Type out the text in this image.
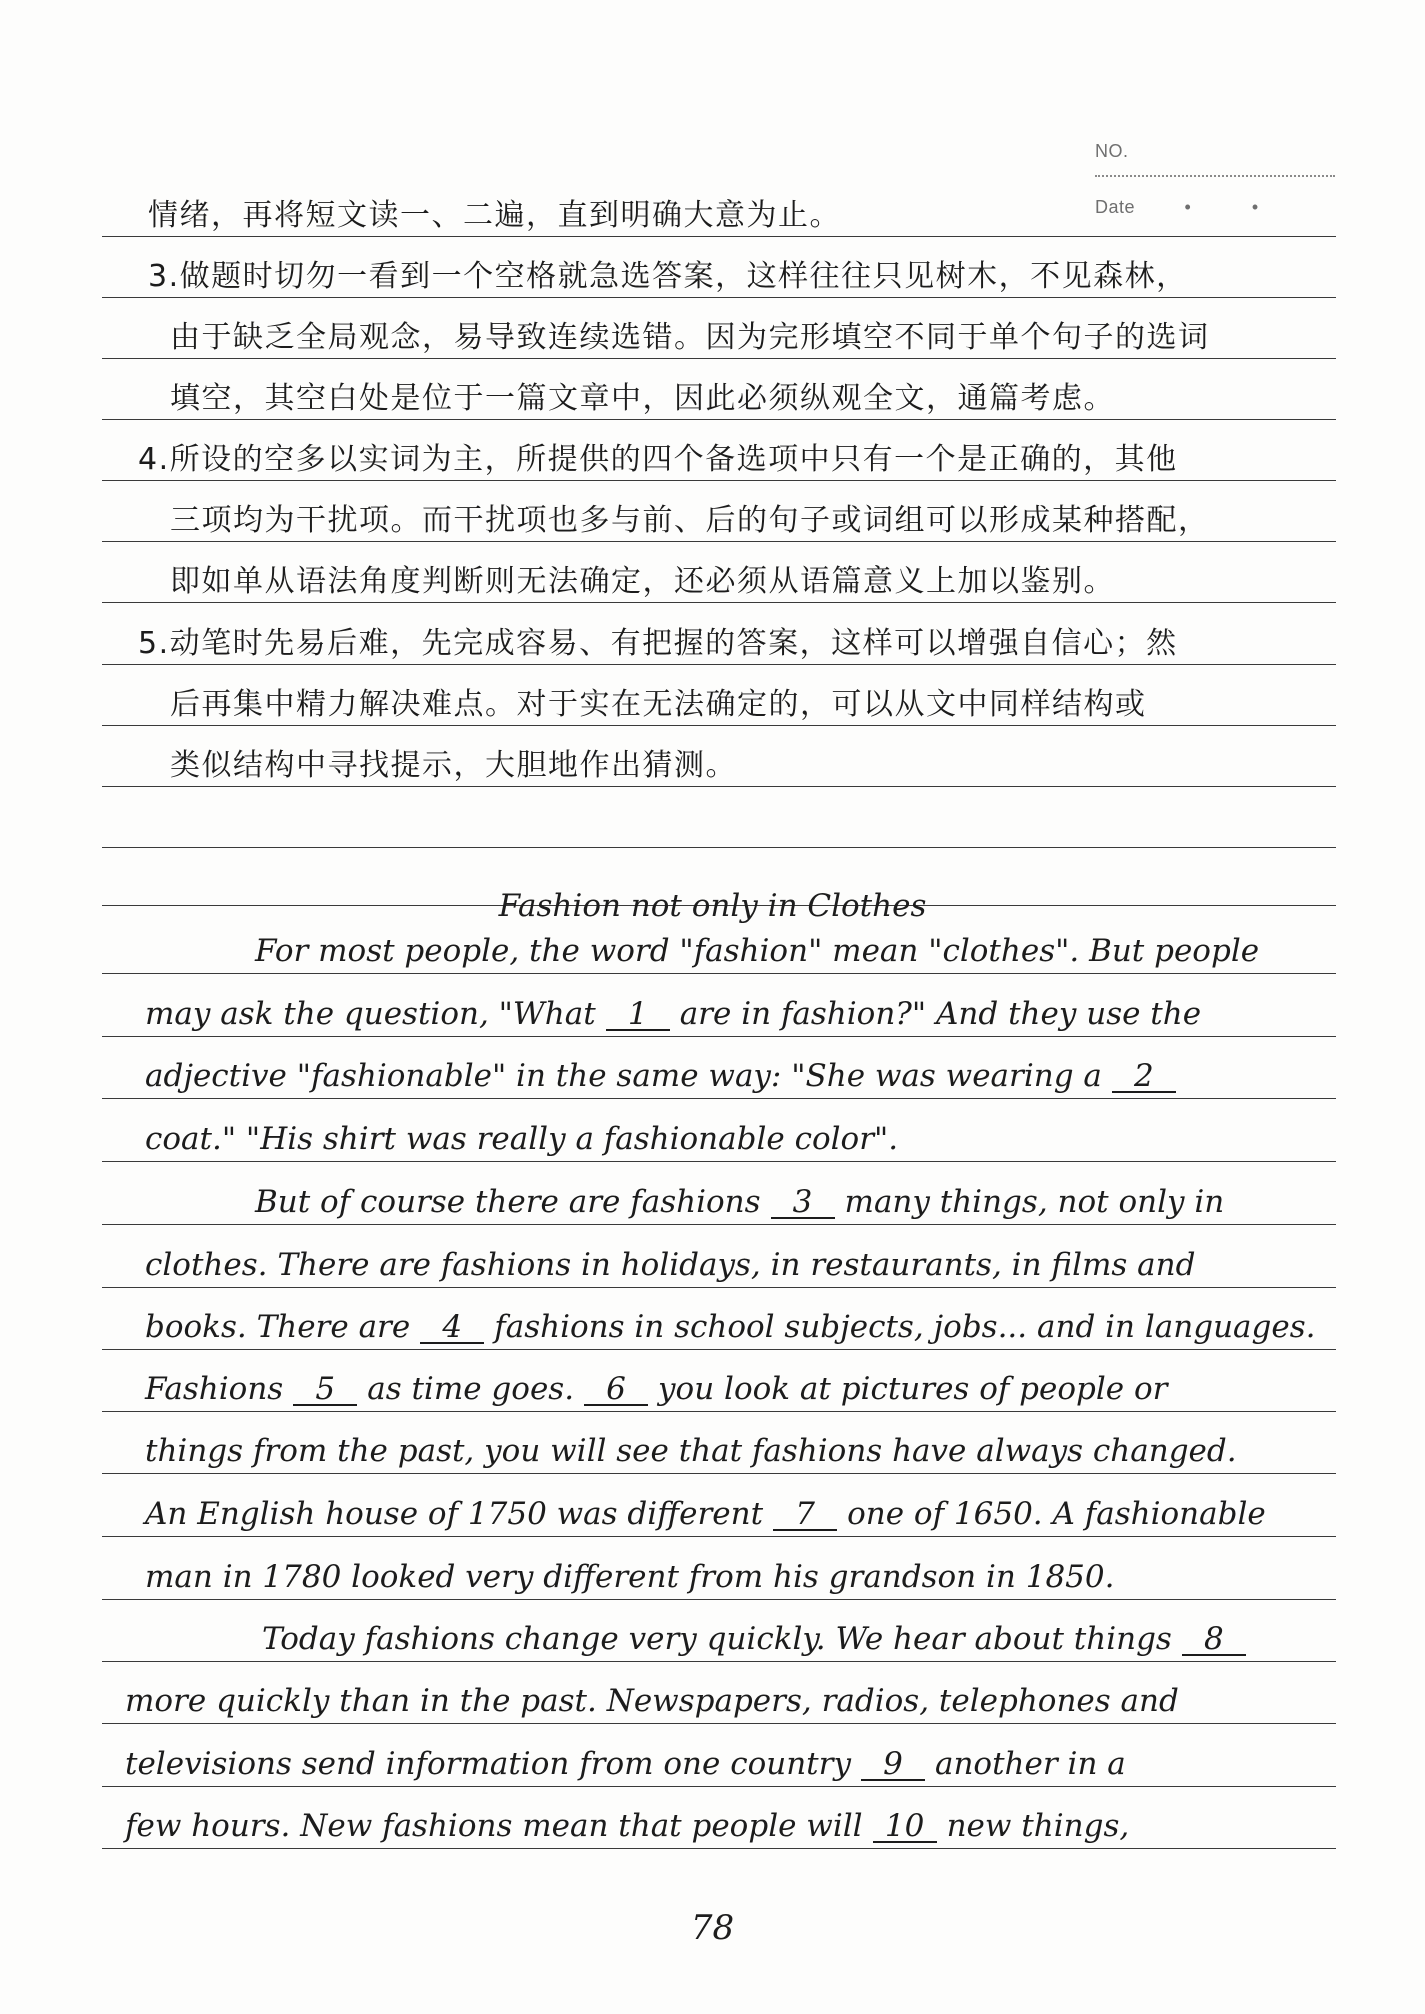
NO.
Date	• •
情绪，再将短文读一、二遍，直到明确大意为止。
3.做题时切勿一看到一个空格就急选答案，这样往往只见树木，不见森林，
由于缺乏全局观念，易导致连续选错。因为完形填空不同于单个句子的选词
填空，其空白处是位于一篇文章中，因此必须纵观全文，通篇考虑。
4.所设的空多以实词为主，所提供的四个备选项中只有一个是正确的，其他
三项均为干扰项。而干扰项也多与前、后的句子或词组可以形成某种搭配，
即如单从语法角度判断则无法确定，还必须从语篇意义上加以鉴别。
5.动笔时先易后难，先完成容易、有把握的答案，这样可以增强自信心；然
后再集中精力解决难点。对于实在无法确定的，可以从文中同样结构或
类似结构中寻找提示，大胆地作出猜测。
Fashion not only in Clothes
For most people, the word "fashion" mean "clothes". But people
may ask the question, "What 1 are in fashion?" And they use the
adjective "fashionable" in the same way: "She was wearing a 2
coat." "His shirt was really a fashionable color".
But of course there are fashions 3 many things, not only in
clothes. There are fashions in holidays, in restaurants, in films and
books. There are 4 fashions in school subjects, jobs... and in languages.
Fashions 5 as time goes. 6 you look at pictures of people or
things from the past, you will see that fashions have always changed.
An English house of 1750 was different 7 one of 1650. A fashionable
man in 1780 looked very different from his grandson in 1850.
Today fashions change very quickly. We hear about things 8
more quickly than in the past. Newspapers, radios, telephones and
televisions send information from one country 9 another in a
few hours. New fashions mean that people will 10 new things,
78
